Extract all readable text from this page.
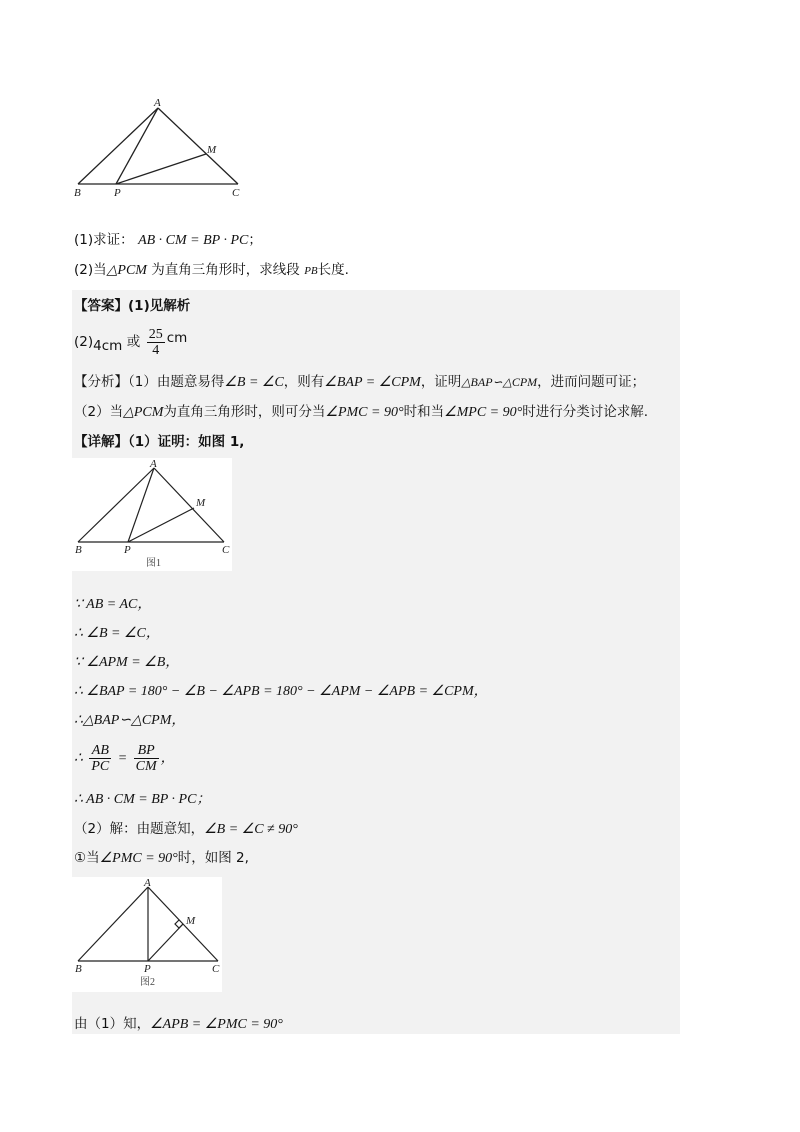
A
M
B	P	C
(1)求证： AB · CM = BP · PC；
(2)当△PCM 为直角三角形时，求线段 PB长度.
【答案】(1)见解析
(2)4cm 或 $\frac{25}{4}$ cm
【分析】（1）由题意易得∠B = ∠C，则有∠BAP = ∠CPM，证明△BAP∽△CPM，进而问题可证；
（2）当△PCM为直角三角形时，则可分当∠PMC = 90°时和当∠MPC = 90°时进行分类讨论求解.
【详解】（1）证明：如图 1,
A
M
B	P	C
图1
∵ AB = AC，
∴ ∠B = ∠C，
∵ ∠APM = ∠B，
∴ ∠BAP = 180° − ∠B − ∠APB = 180° − ∠APM − ∠APB = ∠CPM，
∴△BAP∽△CPM，
∴ $\frac{AB}{PC} = \frac{BP}{CM}$ ，
∴ AB · CM = BP · PC；
（2）解：由题意知，∠B = ∠C ≠ 90°
①当∠PMC = 90°时，如图 2,
A
M
B	P	C
图2
由（1）知，∠APB = ∠PMC = 90°
